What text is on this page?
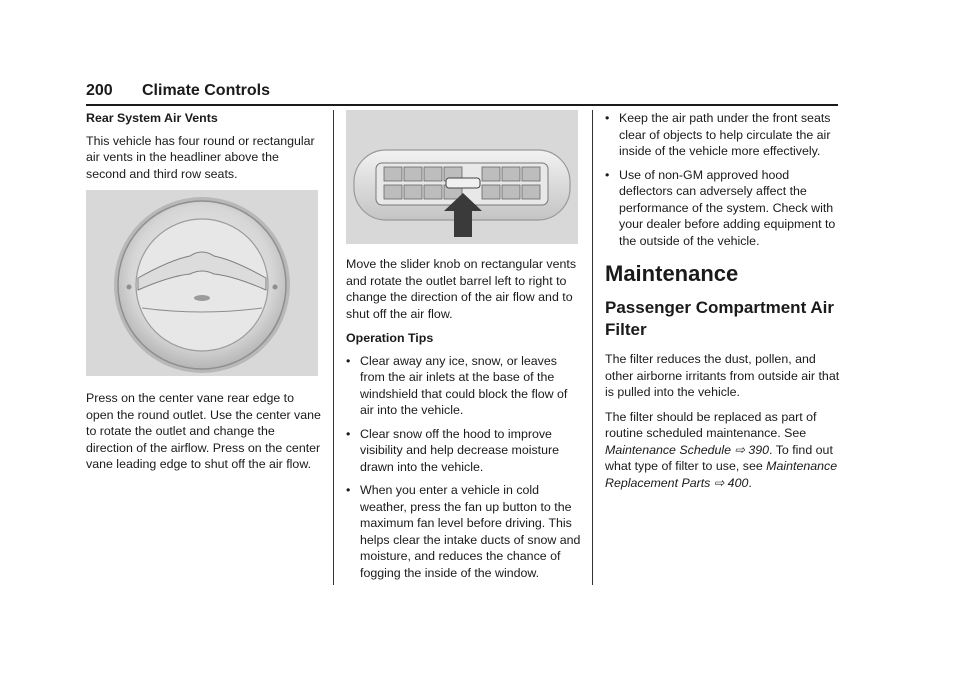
200 Climate Controls

Rear System Air Vents

This vehicle has four round or rectangular air vents in the headliner above the second and third row seats.

Press on the center vane rear edge to open the round outlet. Use the center vane to rotate the outlet and change the direction of the airflow. Press on the center vane leading edge to shut off the air flow.

Move the slider knob on rectangular vents and rotate the outlet barrel left to right to change the direction of the air flow and to shut off the air flow.

Operation Tips

• Clear away any ice, snow, or leaves from the air inlets at the base of the windshield that could block the flow of air into the vehicle.
• Clear snow off the hood to improve visibility and help decrease moisture drawn into the vehicle.
• When you enter a vehicle in cold weather, press the fan up button to the maximum fan level before driving. This helps clear the intake ducts of snow and moisture, and reduces the chance of fogging the inside of the window.
• Keep the air path under the front seats clear of objects to help circulate the air inside of the vehicle more effectively.
• Use of non-GM approved hood deflectors can adversely affect the performance of the system. Check with your dealer before adding equipment to the outside of the vehicle.
Maintenance
Passenger Compartment Air Filter

The filter reduces the dust, pollen, and other airborne irritants from outside air that is pulled into the vehicle.

The filter should be replaced as part of routine scheduled maintenance. See Maintenance Schedule ⇨ 390. To find out what type of filter to use, see Maintenance Replacement Parts ⇨ 400.
